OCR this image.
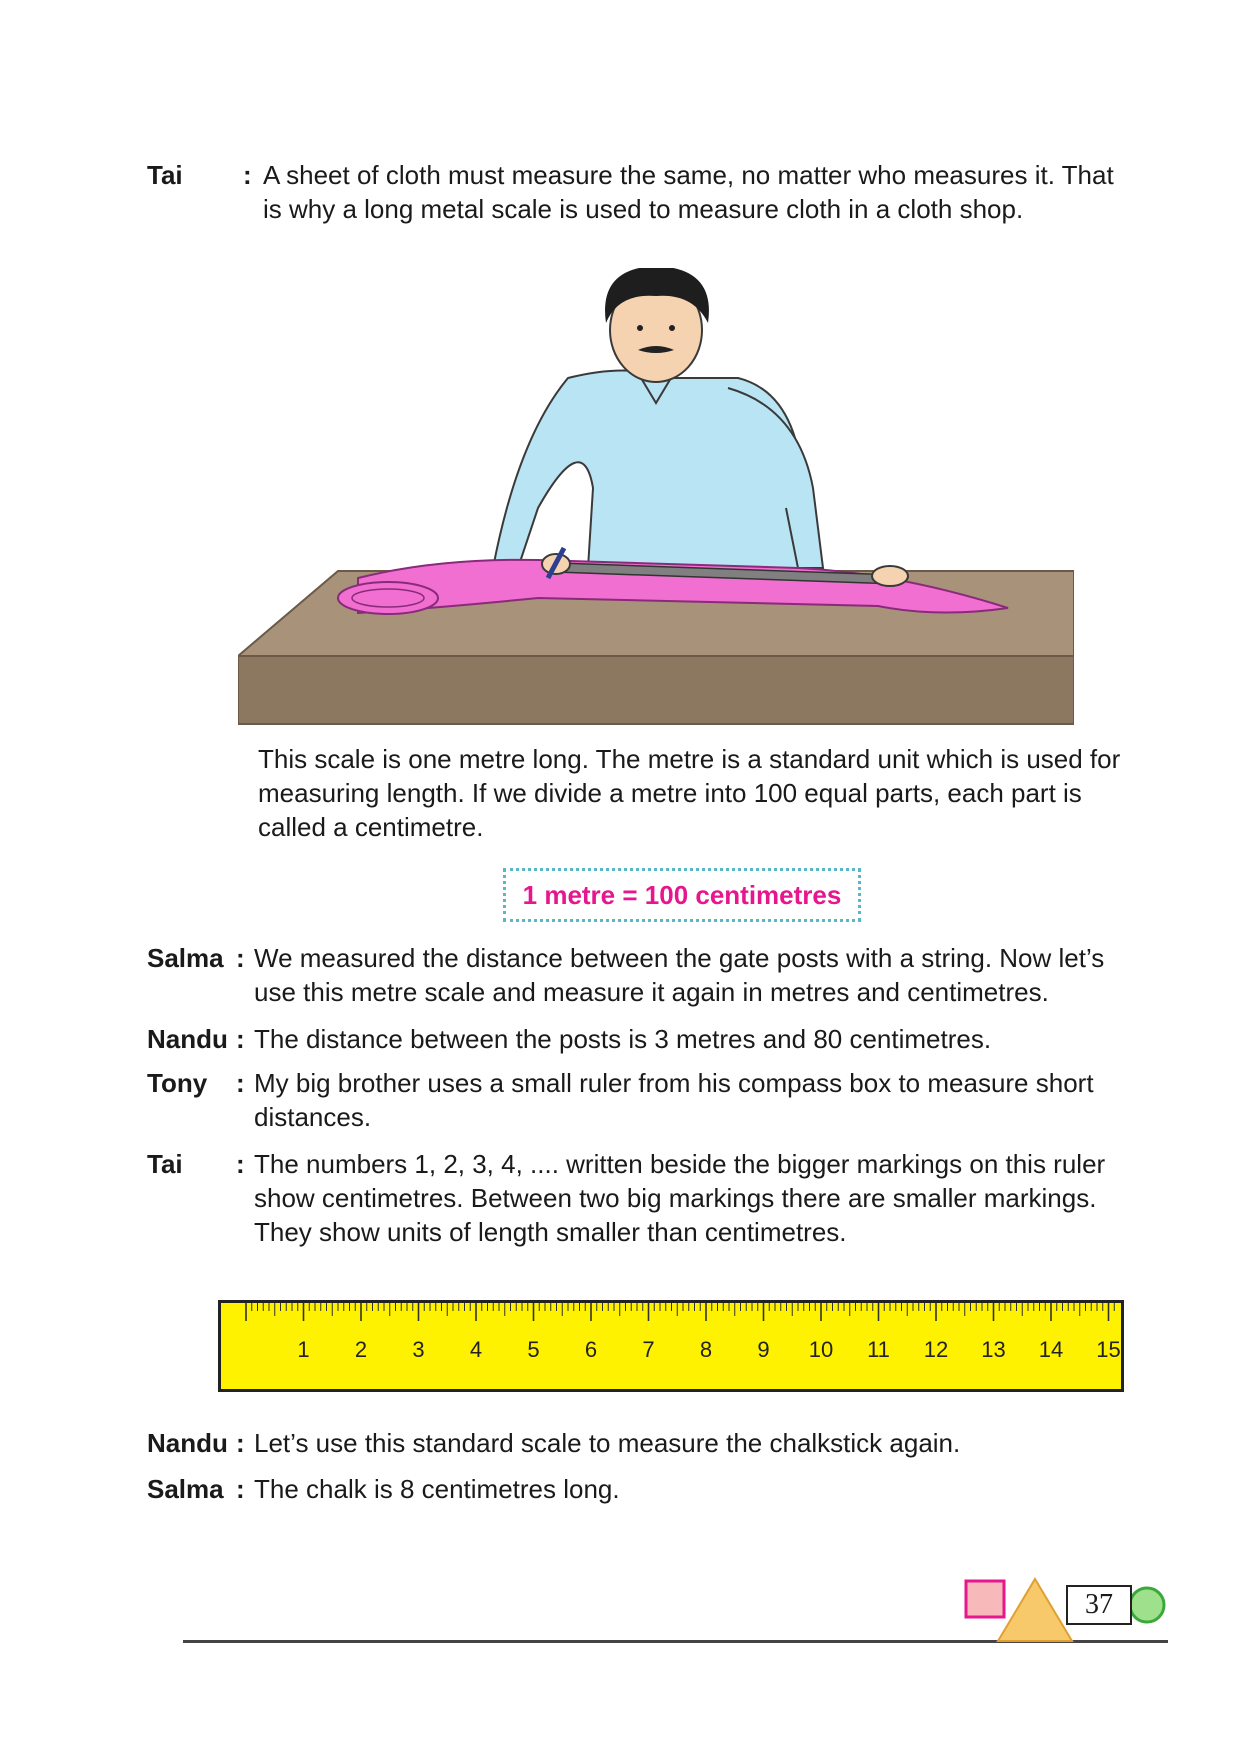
Tai : A sheet of cloth must measure the same, no matter who measures it. That
is why a long metal scale is used to measure cloth in a cloth shop.
This scale is one metre long. The metre is a standard unit which is used for
measuring length. If we divide a metre into 100 equal parts, each part is
called a centimetre.
1 metre = 100 centimetres
Salma : We measured the distance between the gate posts with a string. Now let’s
use this metre scale and measure it again in metres and centimetres.
Nandu : The distance between the posts is 3 metres and 80 centimetres.
Tony : My big brother uses a small ruler from his compass box to measure short
distances.
Tai : The numbers 1, 2, 3, 4, .... written beside the bigger markings on this ruler
show centimetres. Between two big markings there are smaller markings.
They show units of length smaller than centimetres.
1 2 3 4 5 6 7 8 9 10 11 12 13 14 15
Nandu : Let’s use this standard scale to measure the chalkstick again.
Salma : The chalk is 8 centimetres long.
37
